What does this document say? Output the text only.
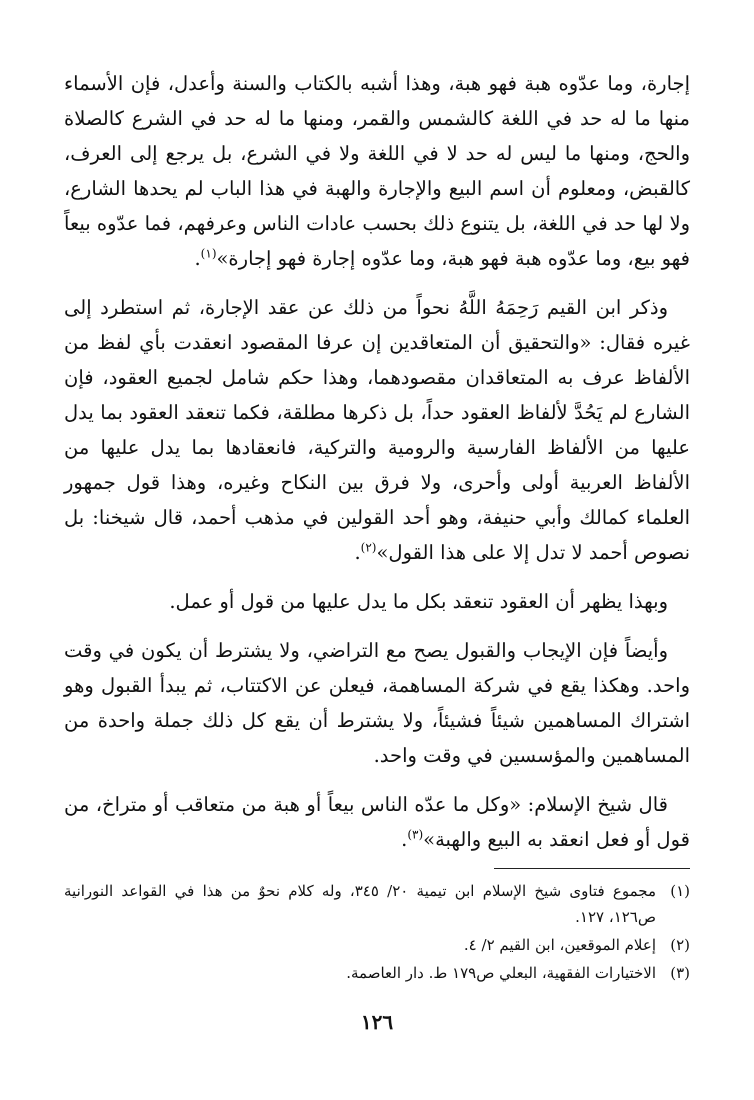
إجارة، وما عدّوه هبة فهو هبة، وهذا أشبه بالكتاب والسنة وأعدل، فإن الأسماء منها ما له حد في اللغة كالشمس والقمر، ومنها ما له حد في الشرع كالصلاة والحج، ومنها ما ليس له حد لا في اللغة ولا في الشرع، بل يرجع إلى العرف، كالقبض، ومعلوم أن اسم البيع والإجارة والهبة في هذا الباب لم يحدها الشارع، ولا لها حد في اللغة، بل يتنوع ذلك بحسب عادات الناس وعرفهم، فما عدّوه بيعاً فهو بيع، وما عدّوه هبة فهو هبة، وما عدّوه إجارة فهو إجارة»$^{(١)}$.

وذكر ابن القيم رَحِمَهُ اللَّهُ نحواً من ذلك عن عقد الإجارة، ثم استطرد إلى غيره فقال: «والتحقيق أن المتعاقدين إن عرفا المقصود انعقدت بأي لفظ من الألفاظ عرف به المتعاقدان مقصودهما، وهذا حكم شامل لجميع العقود، فإن الشارع لم يَحُدَّ لألفاظ العقود حداً، بل ذكرها مطلقة، فكما تنعقد العقود بما يدل عليها من الألفاظ الفارسية والرومية والتركية، فانعقادها بما يدل عليها من الألفاظ العربية أولى وأحرى، ولا فرق بين النكاح وغيره، وهذا قول جمهور العلماء كمالك وأبي حنيفة، وهو أحد القولين في مذهب أحمد، قال شيخنا: بل نصوص أحمد لا تدل إلا على هذا القول»$^{(٢)}$.

وبهذا يظهر أن العقود تنعقد بكل ما يدل عليها من قول أو عمل.

وأيضاً فإن الإيجاب والقبول يصح مع التراضي، ولا يشترط أن يكون في وقت واحد. وهكذا يقع في شركة المساهمة، فيعلن عن الاكتتاب، ثم يبدأ القبول وهو اشتراك المساهمين شيئاً فشيئاً، ولا يشترط أن يقع كل ذلك جملة واحدة من المساهمين والمؤسسين في وقت واحد.

قال شيخ الإسلام: «وكل ما عدّه الناس بيعاً أو هبة من متعاقب أو متراخ، من قول أو فعل انعقد به البيع والهبة»$^{(٣)}$.

(١)
مجموع فتاوى شيخ الإسلام ابن تيمية ٢٠/ ٣٤٥، وله كلام نحوٌ من هذا في القواعد النورانية ص١٢٦، ١٢٧.
(٢)
إعلام الموقعين، ابن القيم ٢/ ٤.
(٣)
الاختيارات الفقهية، البعلي ص١٧٩ ط. دار العاصمة.
١٢٦
